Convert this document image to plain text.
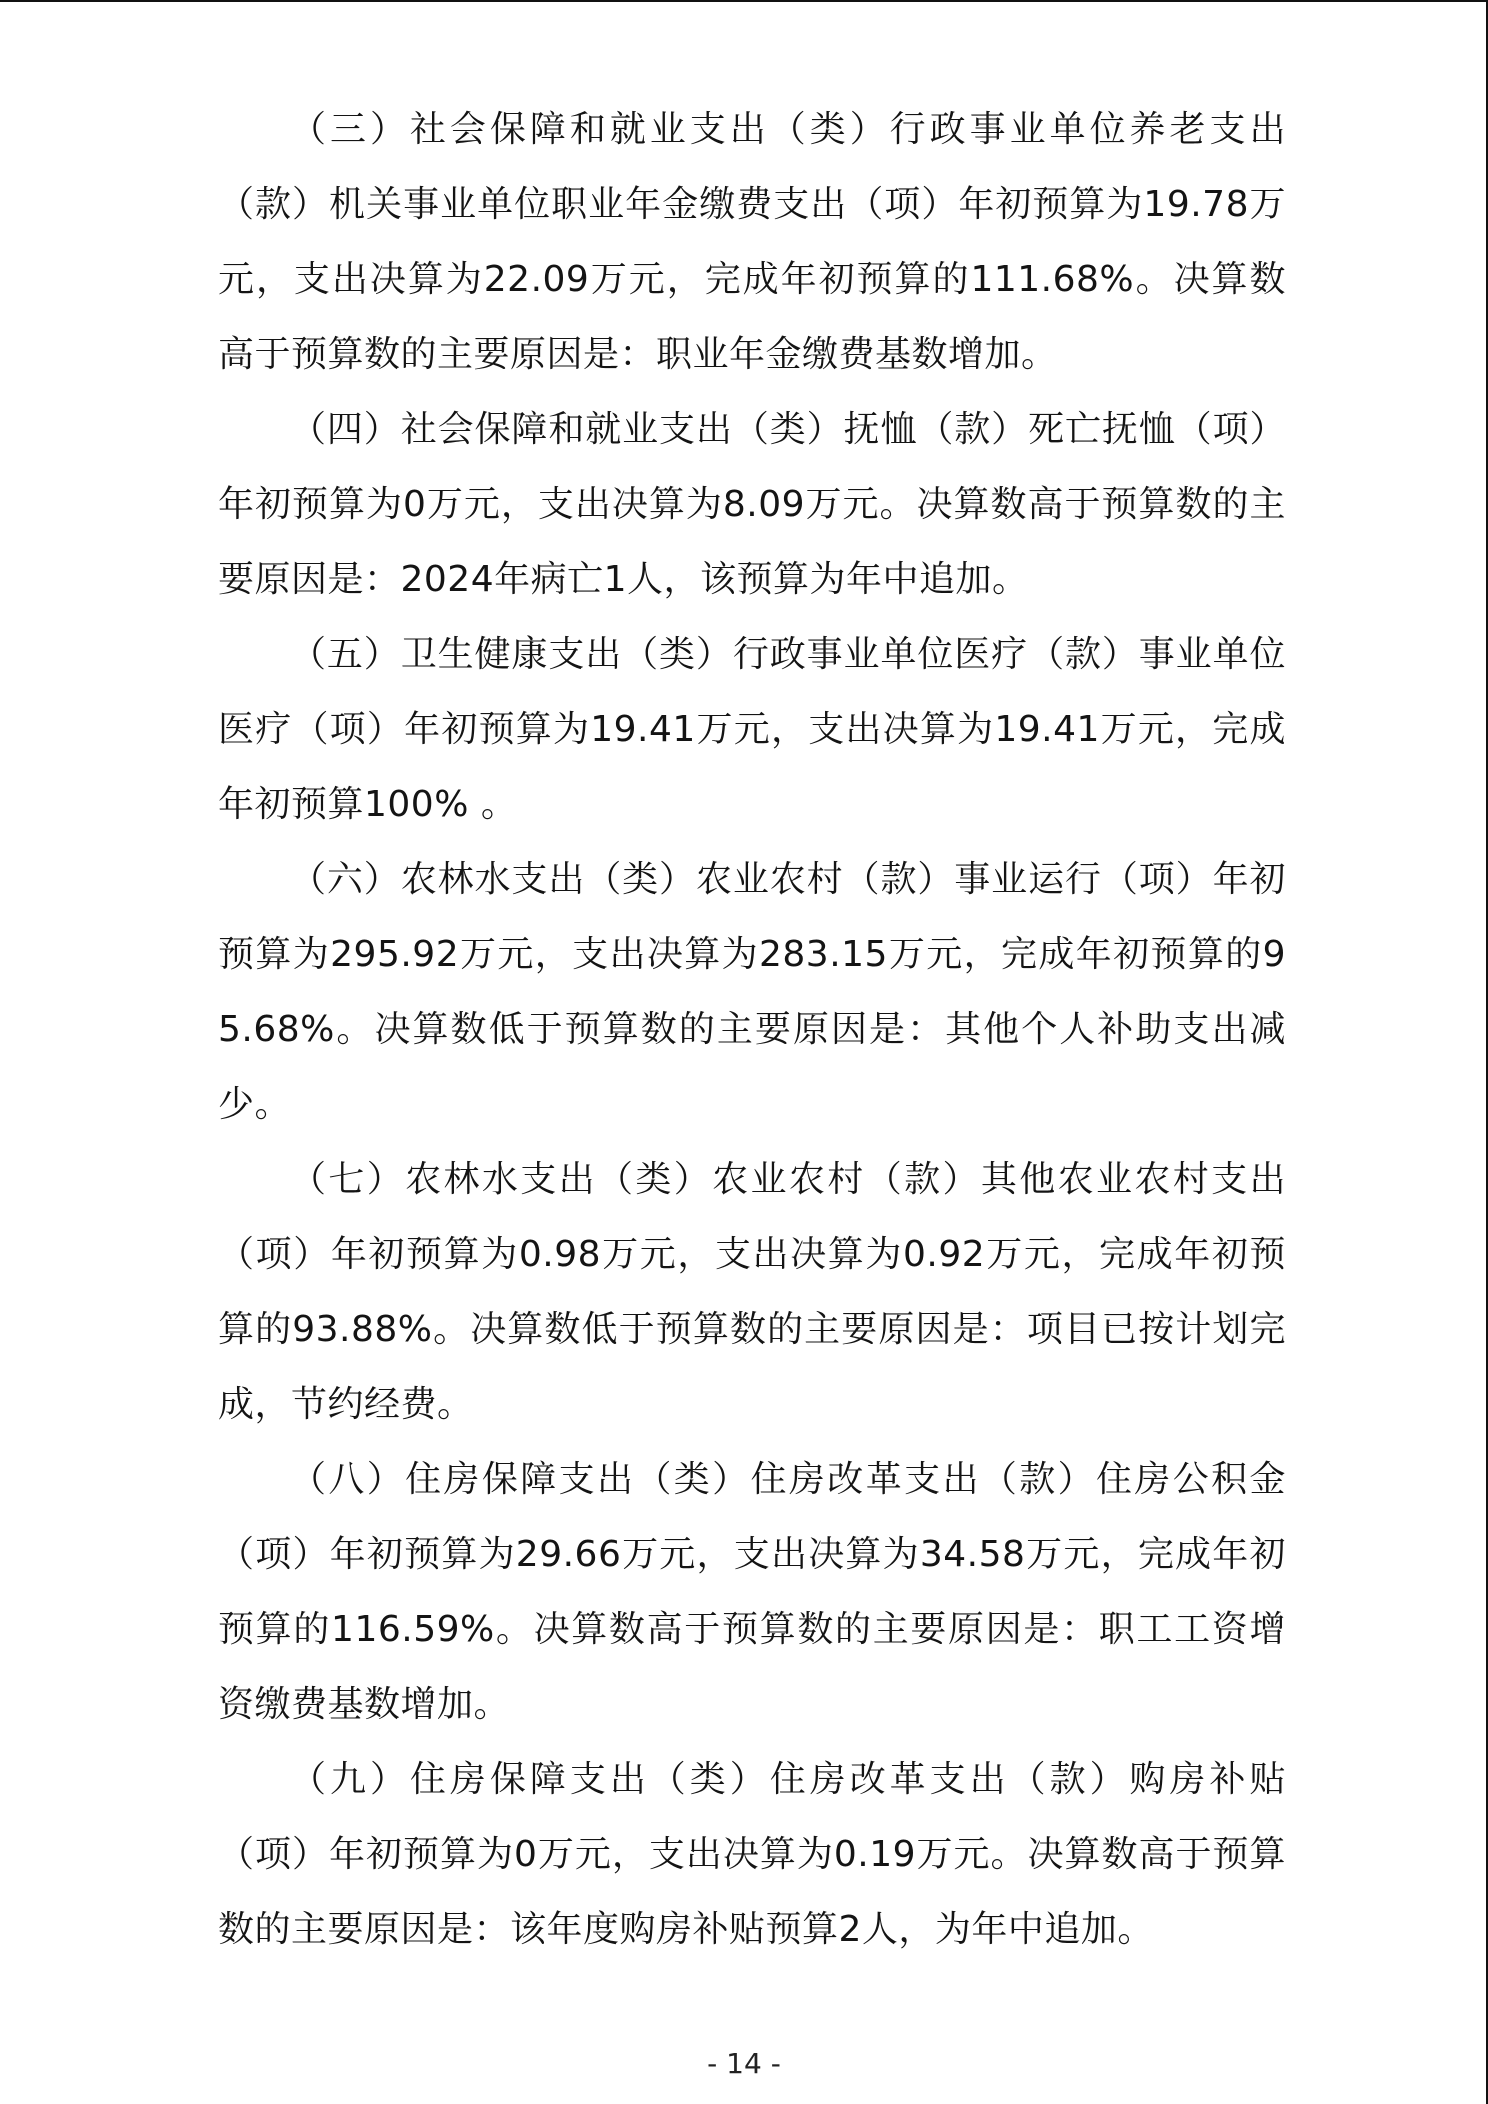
（三）社会保障和就业支出（类）行政事业单位养老支出（款）机关事业单位职业年金缴费支出（项）年初预算为19.78万元，支出决算为22.09万元，完成年初预算的111.68%。决算数高于预算数的主要原因是：职业年金缴费基数增加。

（四）社会保障和就业支出（类）抚恤（款）死亡抚恤（项）年初预算为0万元，支出决算为8.09万元。决算数高于预算数的主要原因是：2024年病亡1人，该预算为年中追加。

（五）卫生健康支出（类）行政事业单位医疗（款）事业单位医疗（项）年初预算为19.41万元，支出决算为19.41万元，完成年初预算100% 。

（六）农林水支出（类）农业农村（款）事业运行（项）年初预算为295.92万元，支出决算为283.15万元，完成年初预算的95.68%。决算数低于预算数的主要原因是：其他个人补助支出减少。

（七）农林水支出（类）农业农村（款）其他农业农村支出（项）年初预算为0.98万元，支出决算为0.92万元，完成年初预算的93.88%。决算数低于预算数的主要原因是：项目已按计划完成，节约经费。

（八）住房保障支出（类）住房改革支出（款）住房公积金（项）年初预算为29.66万元，支出决算为34.58万元，完成年初预算的116.59%。决算数高于预算数的主要原因是：职工工资增资缴费基数增加。

（九）住房保障支出（类）住房改革支出（款）购房补贴（项）年初预算为0万元，支出决算为0.19万元。决算数高于预算数的主要原因是：该年度购房补贴预算2人，为年中追加。

- 14 -
